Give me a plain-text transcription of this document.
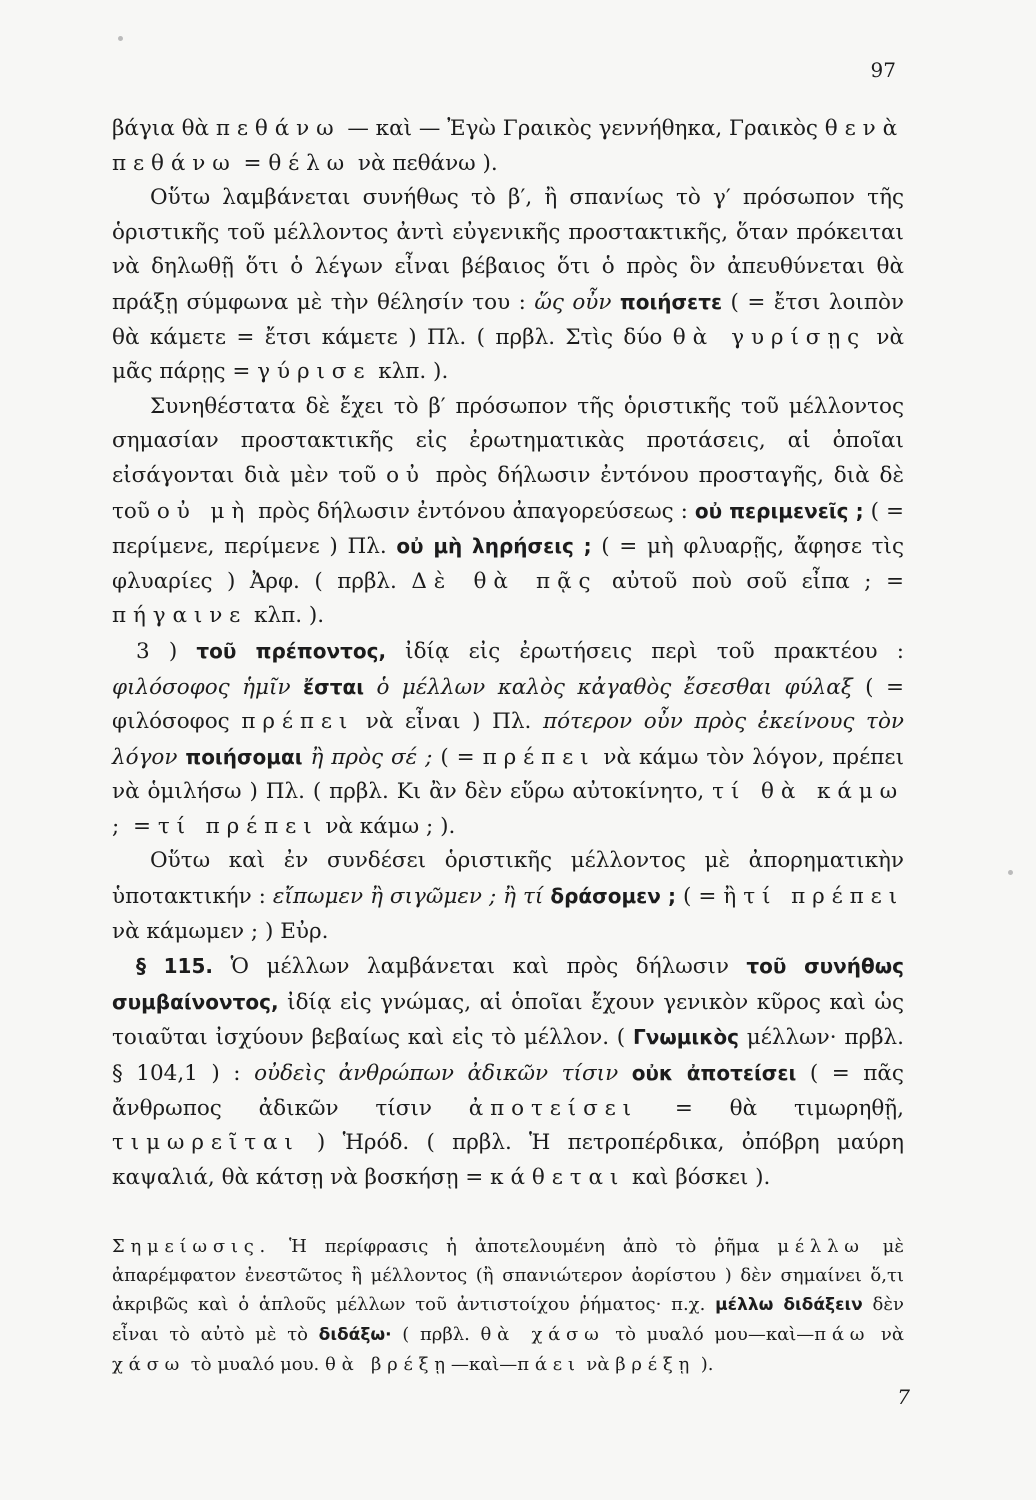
97

βάγια θὰ πεθάνω — καὶ — Ἐγὼ Γραικὸς γεννήθηκα, Γραικὸς θενὰ πεθάνω = θέλω νὰ πεθάνω ).

Οὕτω λαμβάνεται συνήθως τὸ β′, ἢ σπανίως τὸ γ′ πρόσωπον τῆς ὁριστικῆς τοῦ μέλλοντος ἀντὶ εὐγενικῆς προστακτικῆς, ὅταν πρόκειται νὰ δηλωθῇ ὅτι ὁ λέγων εἶναι βέβαιος ὅτι ὁ πρὸς ὃν ἀπευθύνεται θὰ πράξῃ σύμφωνα μὲ τὴν θέλησίν του : ὥς οὖν ποιήσετε ( = ἔτσι λοιπὸν θὰ κάμετε = ἔτσι κάμετε ) Πλ. ( πρβλ. Στὶς δύο θὰ γυρίσῃς νὰ μᾶς πάρῃς = γύρισε κλπ. ).

Συνηθέστατα δὲ ἔχει τὸ β′ πρόσωπον τῆς ὁριστικῆς τοῦ μέλλοντος σημασίαν προστακτικῆς εἰς ἐρωτηματικὰς προτάσεις, αἱ ὁποῖαι εἰσάγονται διὰ μὲν τοῦ οὐ πρὸς δήλωσιν ἐντόνου προσταγῆς, διὰ δὲ τοῦ οὐ μὴ πρὸς δήλωσιν ἐντόνου ἀπαγορεύσεως : οὐ περιμενεῖς ; ( = περίμενε, περίμενε ) Πλ. οὐ μὴ ληρήσεις ; ( = μὴ φλυαρῇς, ἄφησε τὶς φλυαρίες ) Ἀρφ. ( πρβλ. Δὲ θὰ πᾷς αὐτοῦ ποὺ σοῦ εἶπα ; = πήγαινε κλπ. ).

3 ) τοῦ πρέποντος, ἰδίᾳ εἰς ἐρωτήσεις περὶ τοῦ πρακτέου : φιλόσοφος ἡμῖν ἔσται ὁ μέλλων καλὸς κἀγαθὸς ἔσεσθαι φύλαξ ( = φιλόσοφος πρέπει νὰ εἶναι ) Πλ. πότερον οὖν πρὸς ἐκείνους τὸν λόγον ποιήσομαι ἢ πρὸς σέ ; ( = πρέπει νὰ κάμω τὸν λόγον, πρέπει νὰ ὁμιλήσω ) Πλ. ( πρβλ. Κι ἂν δὲν εὕρω αὐτοκίνητο, τί θὰ κάμω ; = τί πρέπει νὰ κάμω ; ).

Οὕτω καὶ ἐν συνδέσει ὁριστικῆς μέλλοντος μὲ ἀπορηματικὴν ὑποτακτικήν : εἴπωμεν ἢ σιγῶμεν ; ἢ τί δράσομεν ; ( = ἢ τί πρέπει νὰ κάμωμεν ; ) Εὐρ.

§ 115. Ὁ μέλλων λαμβάνεται καὶ πρὸς δήλωσιν τοῦ συνήθως συμβαίνοντος, ἰδίᾳ εἰς γνώμας, αἱ ὁποῖαι ἔχουν γενικὸν κῦρος καὶ ὡς τοιαῦται ἰσχύουν βεβαίως καὶ εἰς τὸ μέλλον. ( Γνωμικὸς μέλλων· πρβλ. § 104,1 ) : οὐδεὶς ἀνθρώπων ἀδικῶν τίσιν οὐκ ἀποτείσει ( = πᾶς ἄνθρωπος ἀδικῶν τίσιν ἀποτείσει = θὰ τιμωρηθῇ, τιμωρεῖται ) Ἡρόδ. ( πρβλ. Ἡ πετροπέρδικα, ὀπόβρη μαύρη καψαλιά, θὰ κάτσῃ νὰ βοσκήσῃ = κάθεται καὶ βόσκει ).

Σημείωσις. Ἡ περίφρασις ἡ ἀποτελουμένη ἀπὸ τὸ ῥῆμα μέλλω μὲ ἀπαρέμφατον ἐνεστῶτος ἢ μέλλοντος (ἢ σπανιώτερον ἀορίστου ) δὲν σημαίνει ὅ,τι ἀκριβῶς καὶ ὁ ἁπλοῦς μέλλων τοῦ ἀντιστοίχου ῥήματος· π.χ. μέλλω διδάξειν δὲν εἶναι τὸ αὐτὸ μὲ τὸ διδάξω· ( πρβλ. θὰ χάσω τὸ μυαλό μου—καὶ—πάω νὰ χάσω τὸ μυαλό μου. θὰ βρέξῃ—καὶ—πάει νὰ βρέξῃ ).
7
